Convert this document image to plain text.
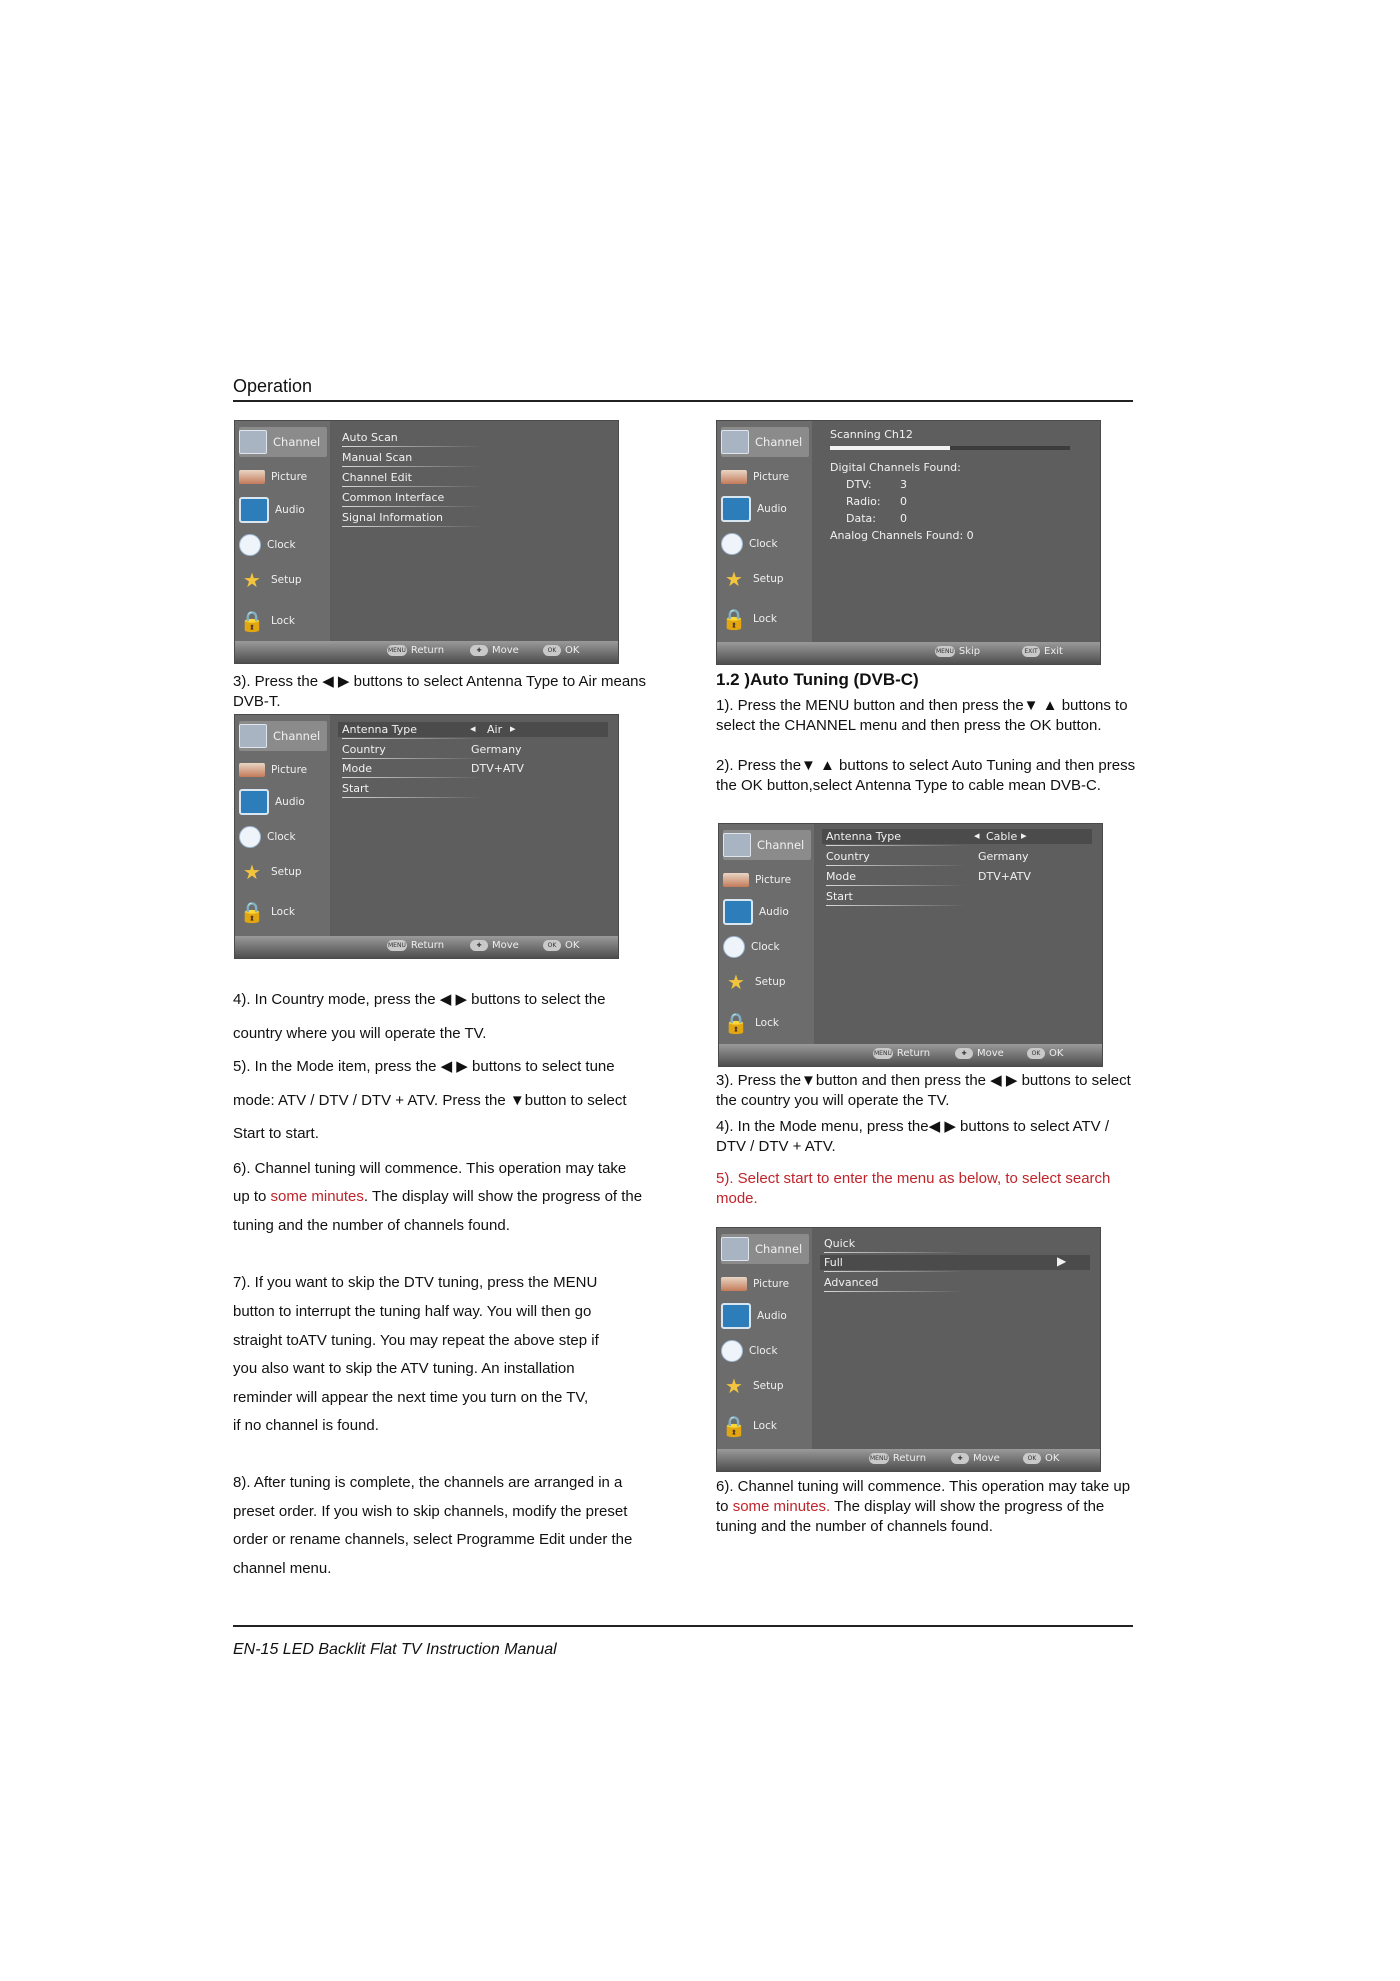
Operation
Channel
Picture
Audio
Clock
★ Setup
🔒 Lock
Auto Scan
Manual Scan
Channel Edit
Common Interface
Signal Information
MENU Return	✚	Move	OK OK
3). Press the ◀ ▶ buttons to select Antenna Type to Air means DVB-T.
Channel
Picture
Audio
Clock
★ Setup
🔒 Lock
Antenna Type	◂ Air ▸
Country	Germany
Mode	DTV+ATV
Start
MENU Return	✚	Move	OK OK
4). In Country mode, press the ◀ ▶ buttons to select the
country where you will operate the TV.
5). In the Mode item, press the ◀ ▶ buttons to select tune
mode: ATV / DTV / DTV + ATV. Press the ▼button to select
Start to start.
6). Channel tuning will commence. This operation may take
up to some minutes. The display will show the progress of the
tuning and the number of channels found.
7). If you want to skip the DTV tuning, press the MENU
button to interrupt the tuning half way. You will then go
straight toATV tuning. You may repeat the above step if
you also want to skip the ATV tuning. An installation
reminder will appear the next time you turn on the TV,
if no channel is found.
8). After tuning is complete, the channels are arranged in a
preset order. If you wish to skip channels, modify the preset
order or rename channels, select Programme Edit under the
channel menu.
Channel
Picture
Audio
Clock
★ Setup
🔒 Lock
Scanning Ch12
Digital Channels Found:
DTV:	3
Radio: 0
Data: 0
Analog Channels Found: 0
MENU Skip	EXIT Exit
1.2 )Auto Tuning (DVB-C)
1). Press the MENU button and then press the▼ ▲ buttons to select the CHANNEL menu and then press the OK button.
2). Press the▼ ▲ buttons to select Auto Tuning and then press the OK button,select Antenna Type to cable mean DVB-C.
Channel
Picture
Audio
Clock
★ Setup
🔒 Lock
Antenna Type	◂ Cable ▸
Country	Germany
Mode	DTV+ATV
Start
MENU Return	✚	Move	OK OK
3). Press the▼button and then press the ◀ ▶ buttons to select the country you will operate the TV.
4). In the Mode menu, press the◀ ▶ buttons to select ATV / DTV / DTV + ATV.
5). Select start to enter the menu as below, to select search mode.
Channel
Picture
Audio
Clock
★ Setup
🔒 Lock
Quick
Full	▶
Advanced
MENU Return	✚	Move	OK OK
6). Channel tuning will commence. This operation may take up to some minutes. The display will show the progress of the tuning and the number of channels found.
EN-15 LED Backlit Flat TV Instruction Manual
